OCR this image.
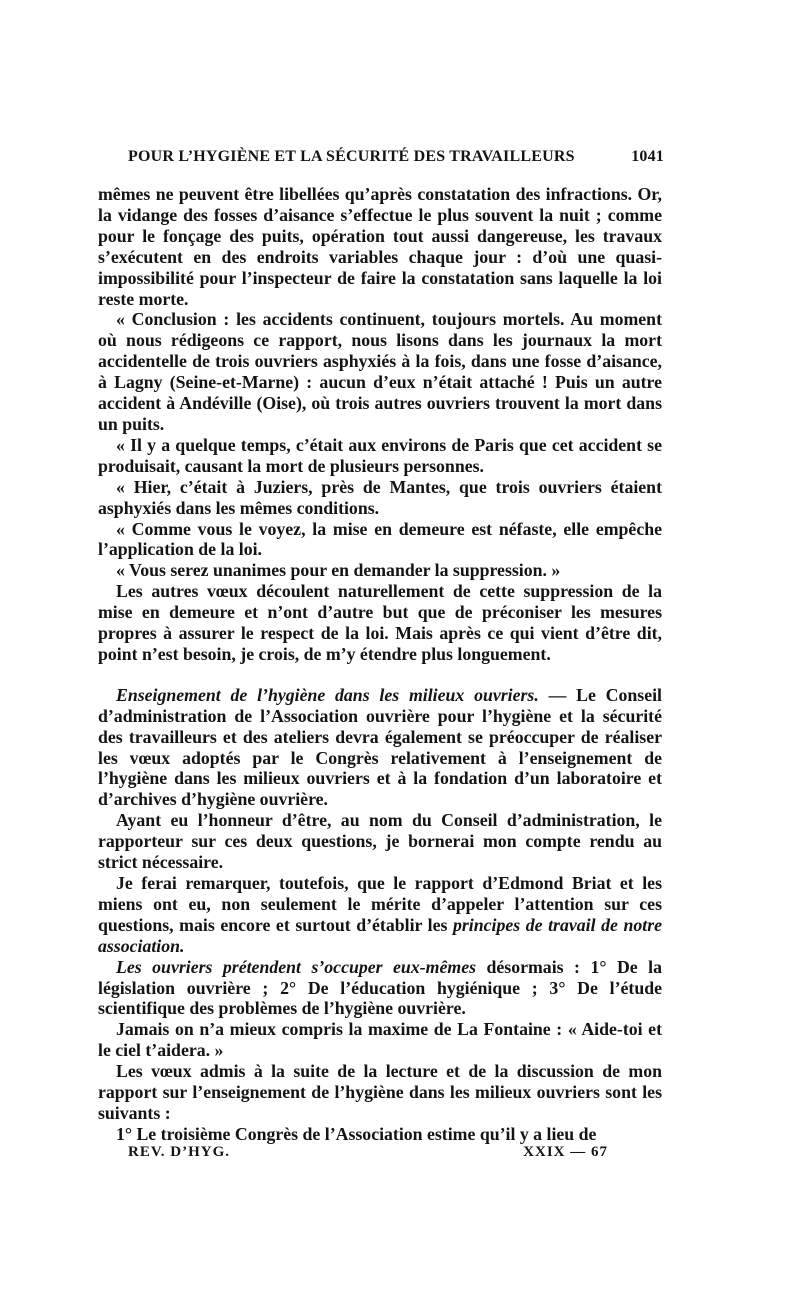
POUR L’HYGIÈNE ET LA SÉCURITÉ DES TRAVAILLEURS	1041

mêmes ne peuvent être libellées qu’après constatation des infractions. Or, la vidange des fosses d’aisance s’effectue le plus souvent la nuit ; comme pour le fonçage des puits, opération tout aussi dangereuse, les travaux s’exécutent en des endroits variables chaque jour : d’où une quasi-impossibilité pour l’inspecteur de faire la constatation sans laquelle la loi reste morte.

« Conclusion : les accidents continuent, toujours mortels. Au moment où nous rédigeons ce rapport, nous lisons dans les journaux la mort accidentelle de trois ouvriers asphyxiés à la fois, dans une fosse d’aisance, à Lagny (Seine-et-Marne) : aucun d’eux n’était attaché ! Puis un autre accident à Andéville (Oise), où trois autres ouvriers trouvent la mort dans un puits.

« Il y a quelque temps, c’était aux environs de Paris que cet accident se produisait, causant la mort de plusieurs personnes.

« Hier, c’était à Juziers, près de Mantes, que trois ouvriers étaient asphyxiés dans les mêmes conditions.

« Comme vous le voyez, la mise en demeure est néfaste, elle empêche l’application de la loi.

« Vous serez unanimes pour en demander la suppression. »

Les autres vœux découlent naturellement de cette suppression de la mise en demeure et n’ont d’autre but que de préconiser les mesures propres à assurer le respect de la loi. Mais après ce qui vient d’être dit, point n’est besoin, je crois, de m’y étendre plus longuement.

Enseignement de l’hygiène dans les milieux ouvriers. — Le Conseil d’administration de l’Association ouvrière pour l’hygiène et la sécurité des travailleurs et des ateliers devra également se préoccuper de réaliser les vœux adoptés par le Congrès relativement à l’enseignement de l’hygiène dans les milieux ouvriers et à la fondation d’un laboratoire et d’archives d’hygiène ouvrière.

Ayant eu l’honneur d’être, au nom du Conseil d’administration, le rapporteur sur ces deux questions, je bornerai mon compte rendu au strict nécessaire.

Je ferai remarquer, toutefois, que le rapport d’Edmond Briat et les miens ont eu, non seulement le mérite d’appeler l’attention sur ces questions, mais encore et surtout d’établir les principes de travail de notre association.

Les ouvriers prétendent s’occuper eux-mêmes désormais : 1° De la législation ouvrière ; 2° De l’éducation hygiénique ; 3° De l’étude scientifique des problèmes de l’hygiène ouvrière.

Jamais on n’a mieux compris la maxime de La Fontaine : « Aide-toi et le ciel t’aidera. »

Les vœux admis à la suite de la lecture et de la discussion de mon rapport sur l’enseignement de l’hygiène dans les milieux ouvriers sont les suivants :

1° Le troisième Congrès de l’Association estime qu’il y a lieu de

REV. D’HYG.	XXIX — 67
